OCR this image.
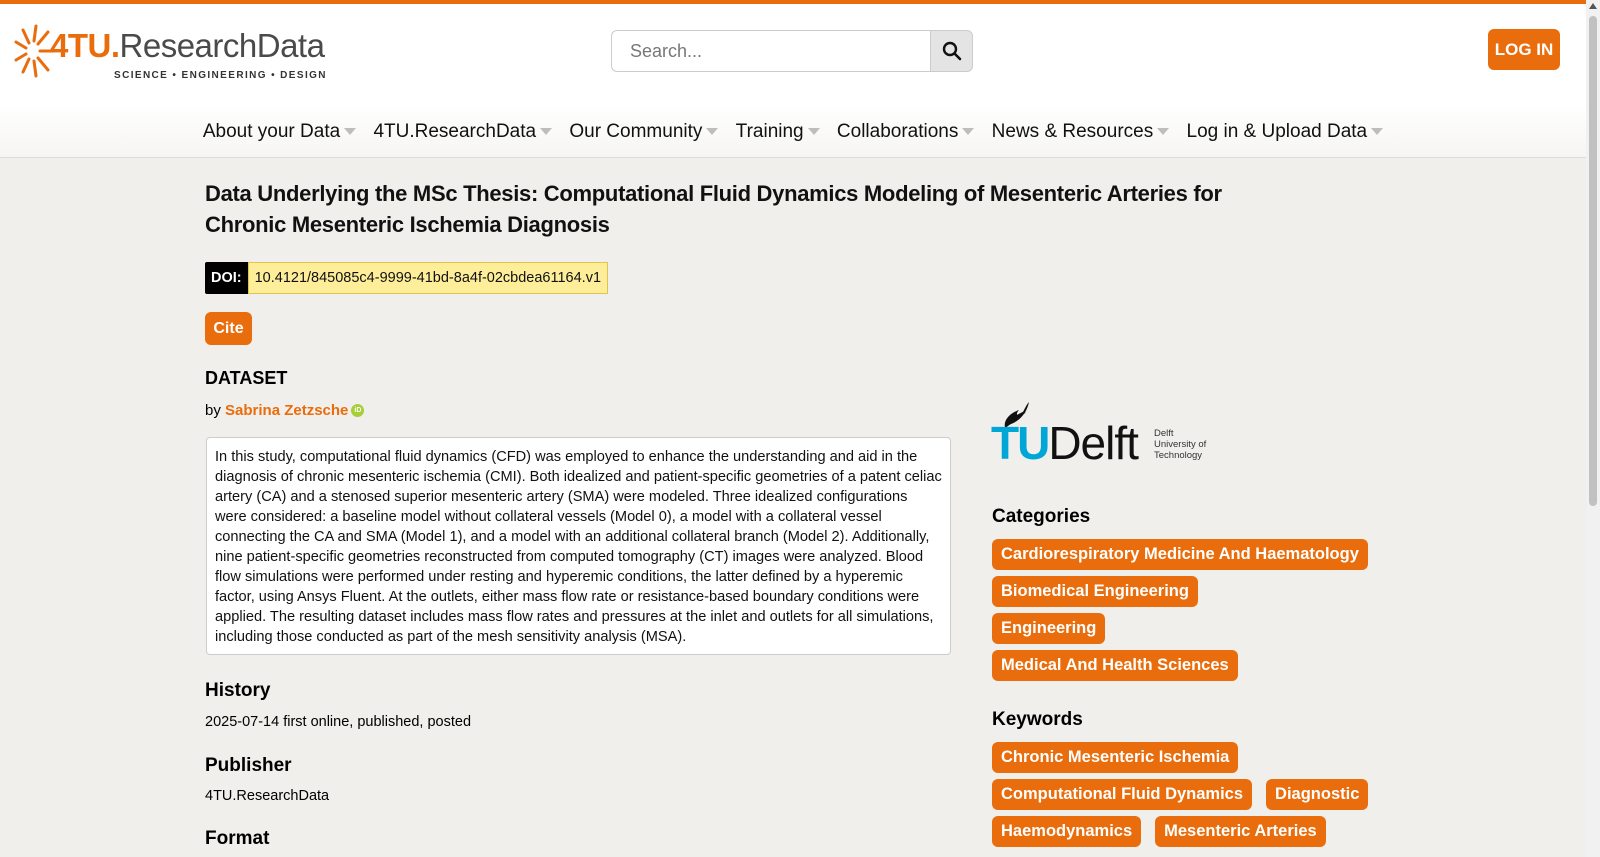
4TU.ResearchData
SCIENCE • ENGINEERING • DESIGN
Search...
LOG IN
About your Data 4TU.ResearchData Our Community Training Collaborations News & Resources Log in & Upload Data
Data Underlying the MSc Thesis: Computational Fluid Dynamics Modeling of Mesenteric Arteries for Chronic Mesenteric Ischemia Diagnosis
DOI: 10.4121/845085c4-9999-41bd-8a4f-02cbdea61164.v1
Cite
DATASET
by Sabrina Zetzsche iD
In this study, computational fluid dynamics (CFD) was employed to enhance the understanding and aid in the diagnosis of chronic mesenteric ischemia (CMI). Both idealized and patient-specific geometries of a patent celiac artery (CA) and a stenosed superior mesenteric artery (SMA) were modeled. Three idealized configurations were considered: a baseline model without collateral vessels (Model 0), a model with a collateral vessel connecting the CA and SMA (Model 1), and a model with an additional collateral branch (Model 2). Additionally, nine patient-specific geometries reconstructed from computed tomography (CT) images were analyzed. Blood flow simulations were performed under resting and hyperemic conditions, the latter defined by a hyperemic factor, using Ansys Fluent. At the outlets, either mass flow rate or resistance-based boundary conditions were applied. The resulting dataset includes mass flow rates and pressures at the inlet and outlets for all simulations, including those conducted as part of the mesh sensitivity analysis (MSA).
History
2025-07-14 first online, published, posted
Publisher
4TU.ResearchData
Format
TUDelft Delft
University of
Technology
Categories
Cardiorespiratory Medicine And Haematology
Biomedical Engineering
Engineering
Medical And Health Sciences
Keywords
Chronic Mesenteric Ischemia
Computational Fluid Dynamics Diagnostic
Haemodynamics Mesenteric Arteries
